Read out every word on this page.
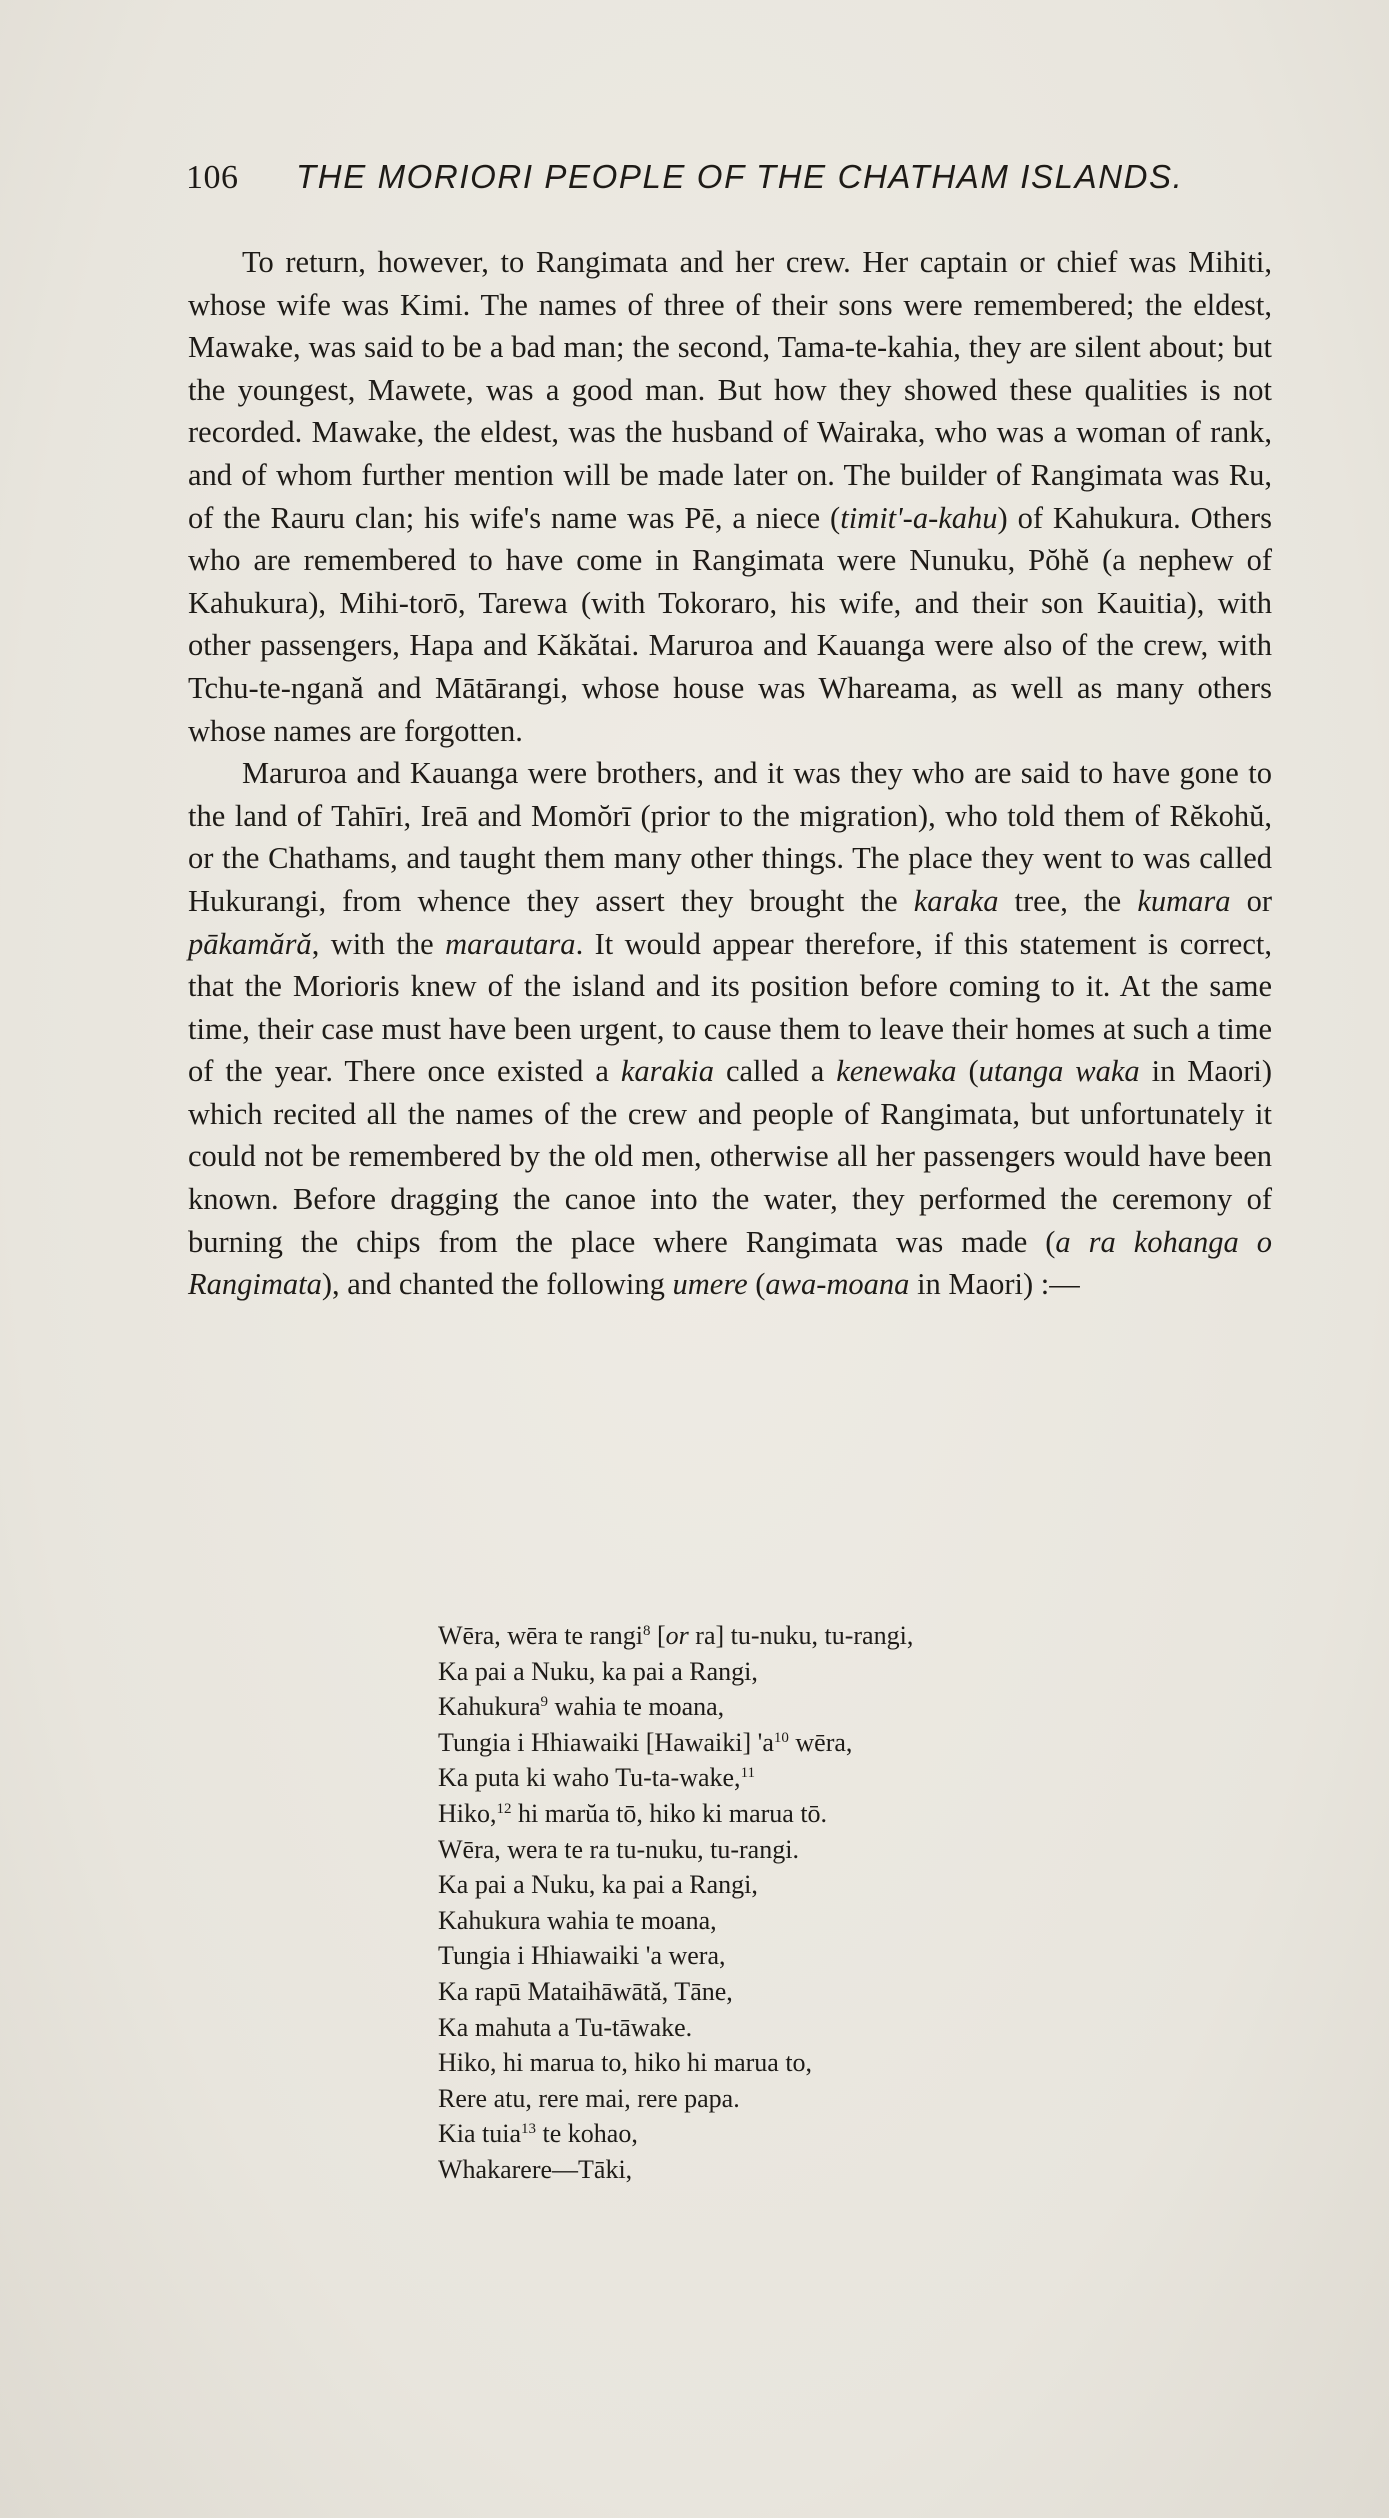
106	THE MORIORI PEOPLE OF THE CHATHAM ISLANDS.

To return, however, to Rangimata and her crew. Her captain or chief was Mihiti, whose wife was Kimi. The names of three of their sons were remembered; the eldest, Mawake, was said to be a bad man; the second, Tama-te-kahia, they are silent about; but the youngest, Mawete, was a good man. But how they showed these qualities is not recorded. Mawake, the eldest, was the husband of Wairaka, who was a woman of rank, and of whom further mention will be made later on. The builder of Rangimata was Ru, of the Rauru clan; his wife's name was Pē, a niece (timit'-a-kahu) of Kahukura. Others who are remembered to have come in Rangimata were Nunuku, Pŏhĕ (a nephew of Kahukura), Mihi-torō, Tarewa (with Tokoraro, his wife, and their son Kauitia), with other passengers, Hapa and Kăkătai. Maruroa and Kauanga were also of the crew, with Tchu-te-ngană and Mātārangi, whose house was Whareama, as well as many others whose names are forgotten.

Maruroa and Kauanga were brothers, and it was they who are said to have gone to the land of Tahīri, Ireā and Momŏrī (prior to the migration), who told them of Rĕkohŭ, or the Chathams, and taught them many other things. The place they went to was called Hukurangi, from whence they assert they brought the karaka tree, the kumara or pākamără, with the marautara. It would appear therefore, if this statement is correct, that the Morioris knew of the island and its position before coming to it. At the same time, their case must have been urgent, to cause them to leave their homes at such a time of the year. There once existed a karakia called a kenewaka (utanga waka in Maori) which recited all the names of the crew and people of Rangimata, but unfortunately it could not be remembered by the old men, otherwise all her passengers would have been known. Before dragging the canoe into the water, they performed the ceremony of burning the chips from the place where Rangimata was made (a ra kohanga o Rangimata), and chanted the following umere (awa-moana in Maori) :—

Wēra, wēra te rangi$^8$ [or ra] tu-nuku, tu-rangi,
Ka pai a Nuku, ka pai a Rangi,
Kahukura$^9$ wahia te moana,
Tungia i Hhiawaiki [Hawaiki] '$a^{10}$ wēra,
Ka puta ki waho Tu-ta-wake,$^{11}$
Hiko,$^{12}$ hi marŭa tō, hiko ki marua tō.
Wēra, wera te ra tu-nuku, tu-rangi.
Ka pai a Nuku, ka pai a Rangi,
Kahukura wahia te moana,
Tungia i Hhiawaiki 'a wera,
Ka rapū Mataihāwātă, Tāne,
Ka mahuta a Tu-tāwake.
Hiko, hi marua to, hiko hi marua to,
Rere atu, rere mai, rere papa.
Kia tuia$^{13}$ te kohao,
Whakarere—Tāki,
